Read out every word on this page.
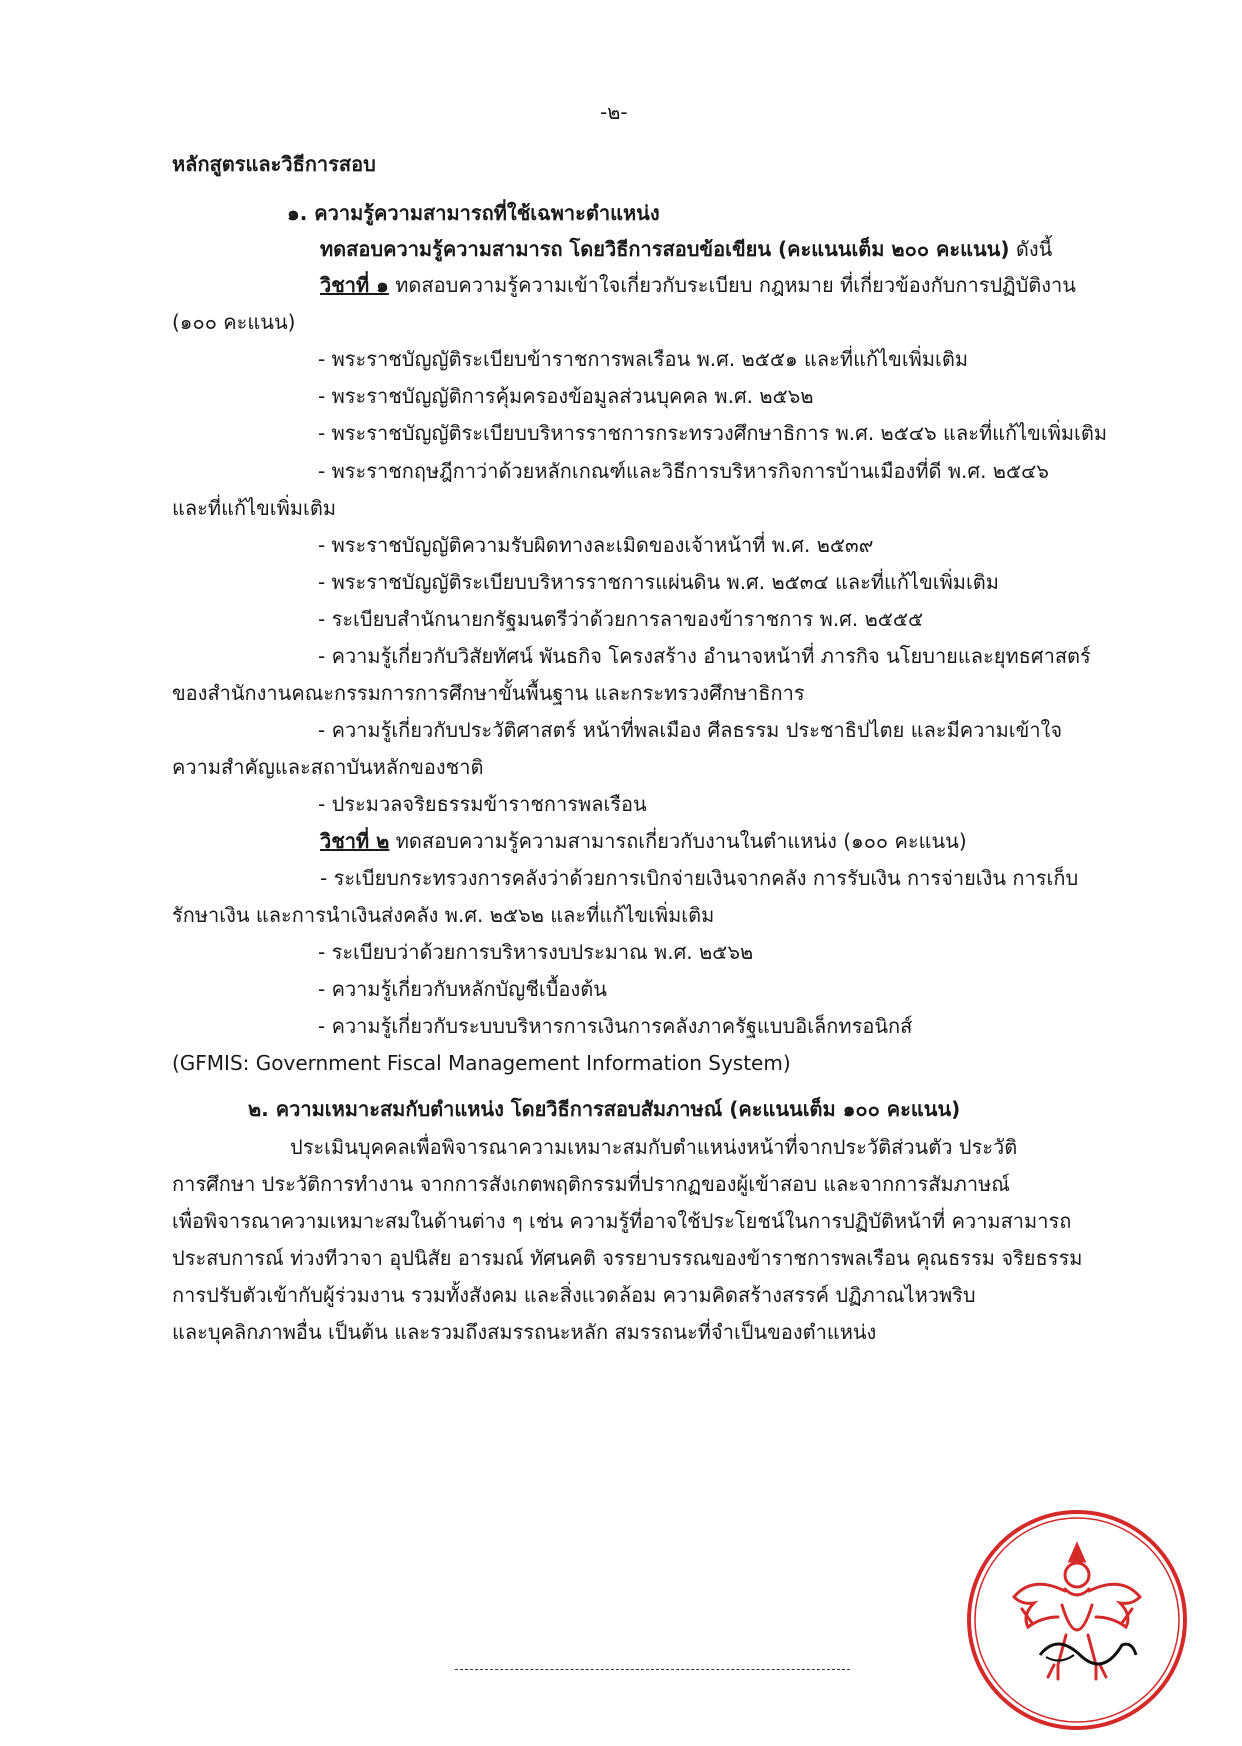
-๒-
หลักสูตรและวิธีการสอบ
๑. ความรู้ความสามารถที่ใช้เฉพาะตำแหน่ง
ทดสอบความรู้ความสามารถ โดยวิธีการสอบข้อเขียน (คะแนนเต็ม ๒๐๐ คะแนน) ดังนี้
วิชาที่ ๑ ทดสอบความรู้ความเข้าใจเกี่ยวกับระเบียบ กฎหมาย ที่เกี่ยวข้องกับการปฏิบัติงาน
(๑๐๐ คะแนน)
- พระราชบัญญัติระเบียบข้าราชการพลเรือน พ.ศ. ๒๕๕๑ และที่แก้ไขเพิ่มเติม
- พระราชบัญญัติการคุ้มครองข้อมูลส่วนบุคคล พ.ศ. ๒๕๖๒
- พระราชบัญญัติระเบียบบริหารราชการกระทรวงศึกษาธิการ พ.ศ. ๒๕๔๖ และที่แก้ไขเพิ่มเติม
- พระราชกฤษฎีกาว่าด้วยหลักเกณฑ์และวิธีการบริหารกิจการบ้านเมืองที่ดี พ.ศ. ๒๕๔๖
และที่แก้ไขเพิ่มเติม
- พระราชบัญญัติความรับผิดทางละเมิดของเจ้าหน้าที่ พ.ศ. ๒๕๓๙
- พระราชบัญญัติระเบียบบริหารราชการแผ่นดิน พ.ศ. ๒๕๓๔ และที่แก้ไขเพิ่มเติม
- ระเบียบสำนักนายกรัฐมนตรีว่าด้วยการลาของข้าราชการ พ.ศ. ๒๕๕๕
- ความรู้เกี่ยวกับวิสัยทัศน์ พันธกิจ โครงสร้าง อำนาจหน้าที่ ภารกิจ นโยบายและยุทธศาสตร์
ของสำนักงานคณะกรรมการการศึกษาขั้นพื้นฐาน และกระทรวงศึกษาธิการ
- ความรู้เกี่ยวกับประวัติศาสตร์ หน้าที่พลเมือง ศีลธรรม ประชาธิปไตย และมีความเข้าใจ
ความสำคัญและสถาบันหลักของชาติ
- ประมวลจริยธรรมข้าราชการพลเรือน
วิชาที่ ๒ ทดสอบความรู้ความสามารถเกี่ยวกับงานในตำแหน่ง (๑๐๐ คะแนน)
- ระเบียบกระทรวงการคลังว่าด้วยการเบิกจ่ายเงินจากคลัง การรับเงิน การจ่ายเงิน การเก็บ
รักษาเงิน และการนำเงินส่งคลัง พ.ศ. ๒๕๖๒ และที่แก้ไขเพิ่มเติม
- ระเบียบว่าด้วยการบริหารงบประมาณ พ.ศ. ๒๕๖๒
- ความรู้เกี่ยวกับหลักบัญชีเบื้องต้น
- ความรู้เกี่ยวกับระบบบริหารการเงินการคลังภาครัฐแบบอิเล็กทรอนิกส์
(GFMIS: Government Fiscal Management Information System)
๒. ความเหมาะสมกับตำแหน่ง โดยวิธีการสอบสัมภาษณ์ (คะแนนเต็ม ๑๐๐ คะแนน)
ประเมินบุคคลเพื่อพิจารณาความเหมาะสมกับตำแหน่งหน้าที่จากประวัติส่วนตัว ประวัติ
การศึกษา ประวัติการทำงาน จากการสังเกตพฤติกรรมที่ปรากฏของผู้เข้าสอบ และจากการสัมภาษณ์
เพื่อพิจารณาความเหมาะสมในด้านต่าง ๆ เช่น ความรู้ที่อาจใช้ประโยชน์ในการปฏิบัติหน้าที่ ความสามารถ
ประสบการณ์ ท่วงทีวาจา อุปนิสัย อารมณ์ ทัศนคติ จรรยาบรรณของข้าราชการพลเรือน คุณธรรม จริยธรรม
การปรับตัวเข้ากับผู้ร่วมงาน รวมทั้งสังคม และสิ่งแวดล้อม ความคิดสร้างสรรค์ ปฏิภาณไหวพริบ
และบุคลิกภาพอื่น เป็นต้น และรวมถึงสมรรถนะหลัก สมรรถนะที่จำเป็นของตำแหน่ง
